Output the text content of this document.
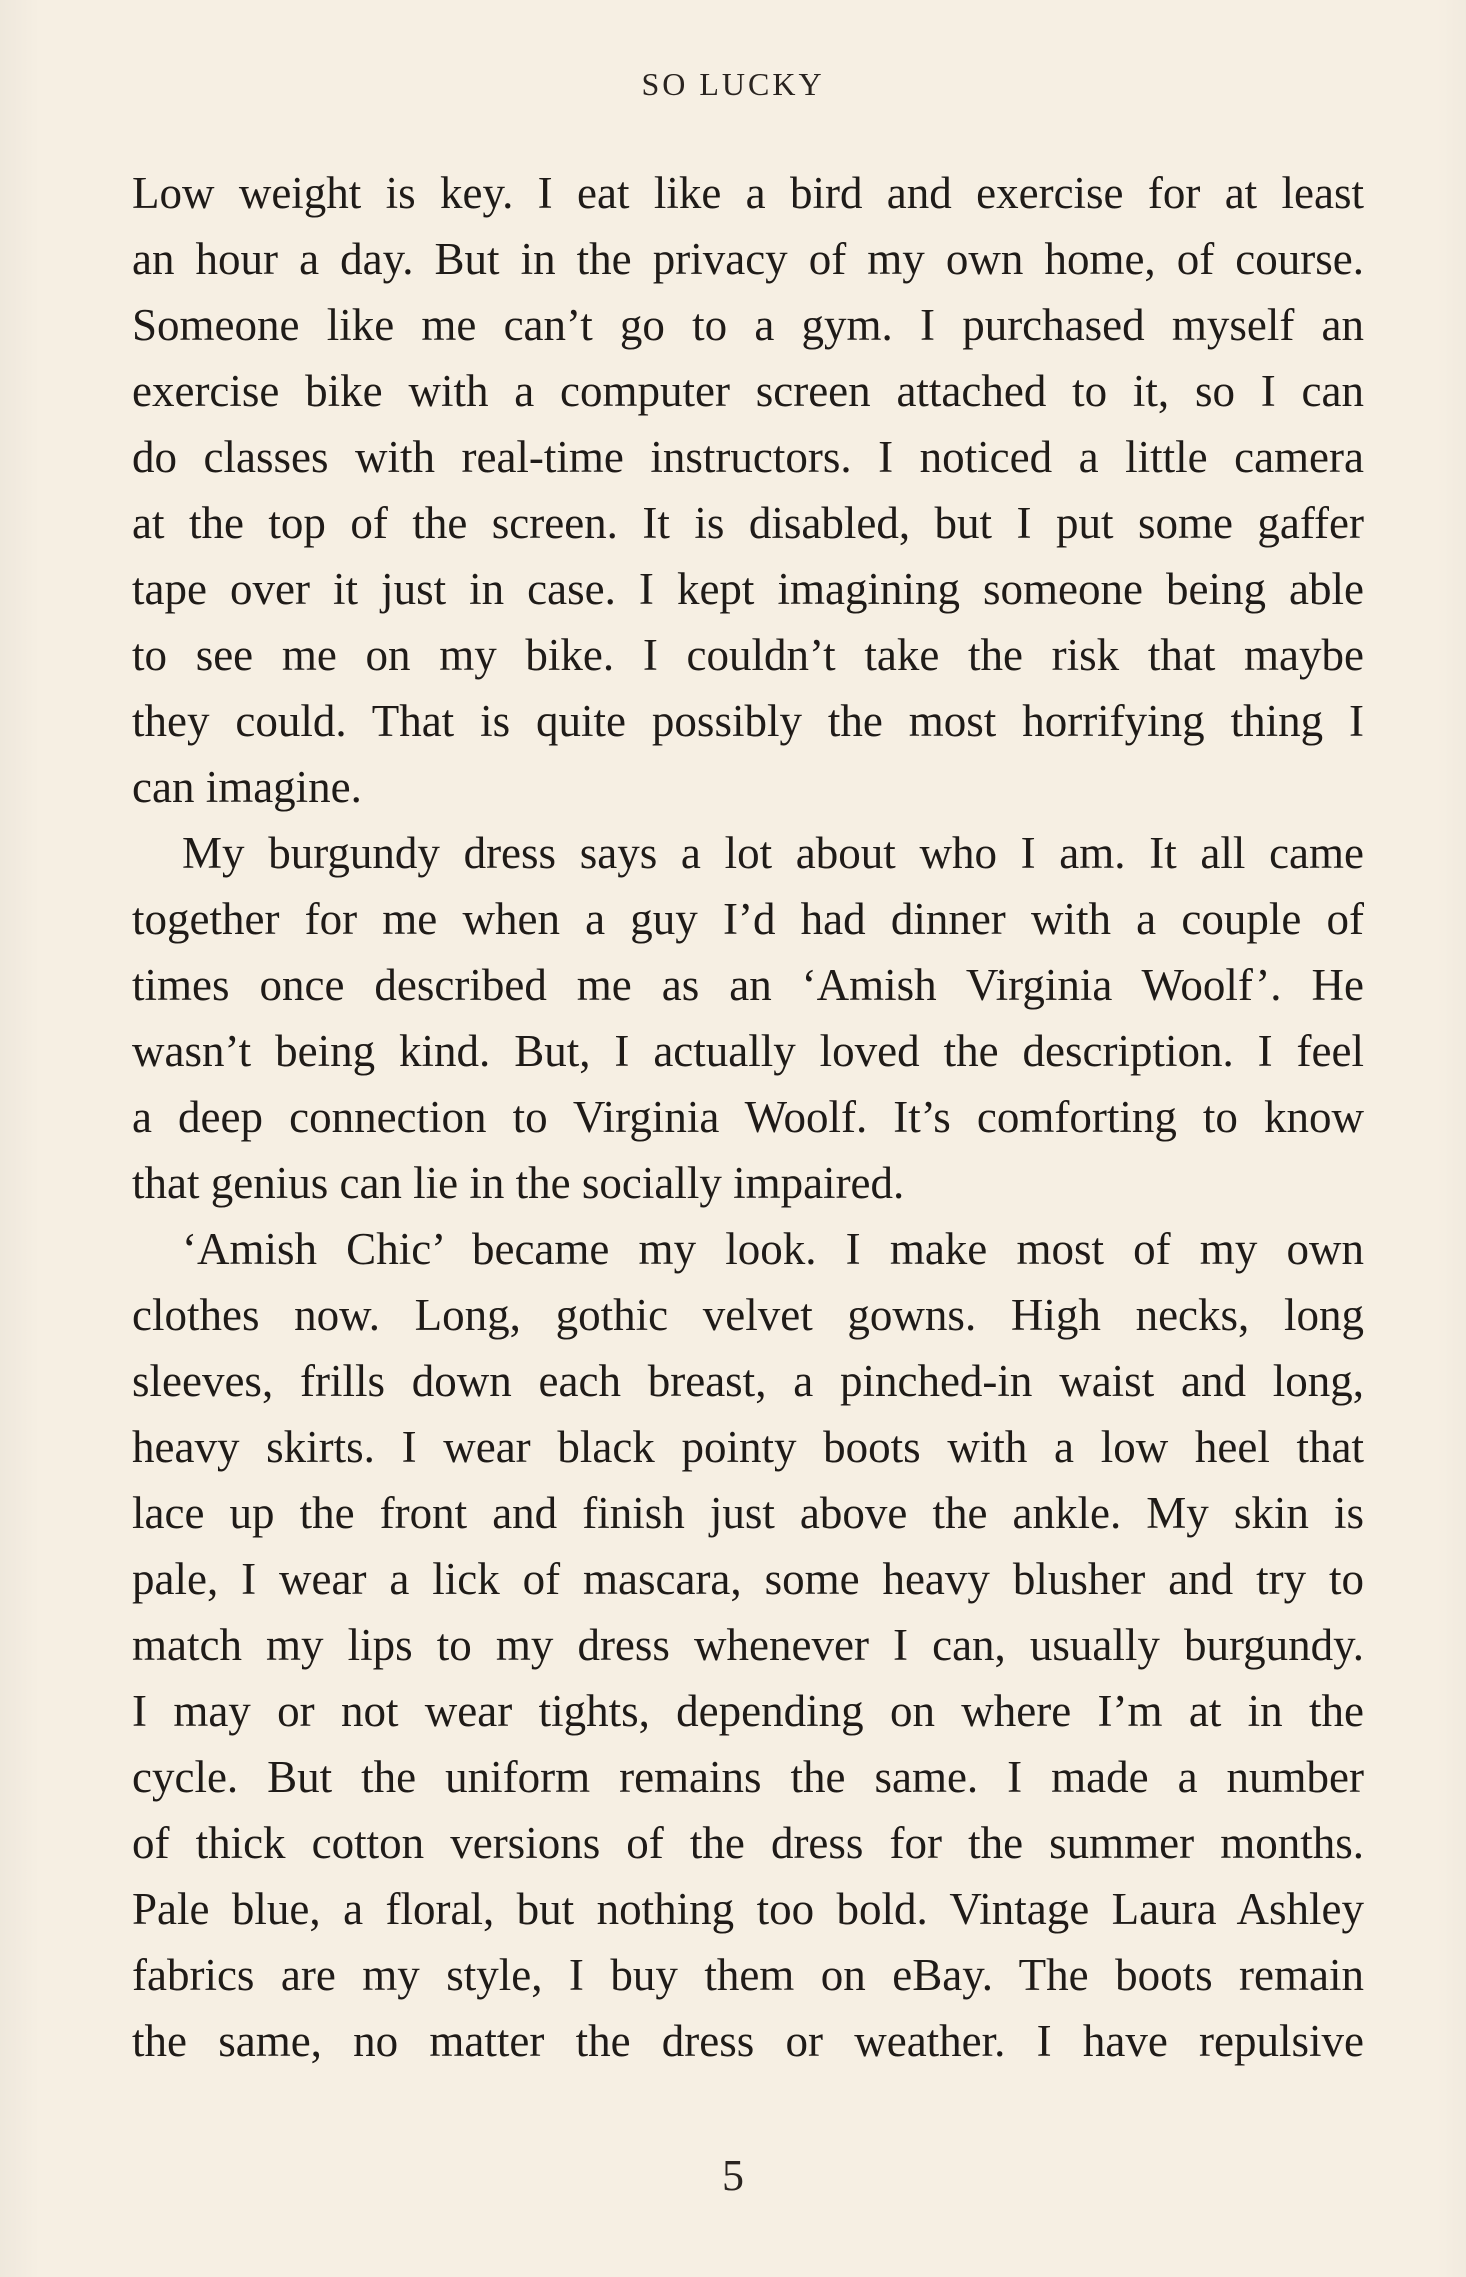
SO LUCKY
Low weight is key. I eat like a bird and exercise for at least
an hour a day. But in the privacy of my own home, of course.
Someone like me can’t go to a gym. I purchased myself an
exercise bike with a computer screen attached to it, so I can
do classes with real-time instructors. I noticed a little camera
at the top of the screen. It is disabled, but I put some gaffer
tape over it just in case. I kept imagining someone being able
to see me on my bike. I couldn’t take the risk that maybe
they could. That is quite possibly the most horrifying thing I
can imagine.
My burgundy dress says a lot about who I am. It all came
together for me when a guy I’d had dinner with a couple of
times once described me as an ‘Amish Virginia Woolf’. He
wasn’t being kind. But, I actually loved the description. I feel
a deep connection to Virginia Woolf. It’s comforting to know
that genius can lie in the socially impaired.
‘Amish Chic’ became my look. I make most of my own
clothes now. Long, gothic velvet gowns. High necks, long
sleeves, frills down each breast, a pinched-in waist and long,
heavy skirts. I wear black pointy boots with a low heel that
lace up the front and finish just above the ankle. My skin is
pale, I wear a lick of mascara, some heavy blusher and try to
match my lips to my dress whenever I can, usually burgundy.
I may or not wear tights, depending on where I’m at in the
cycle. But the uniform remains the same. I made a number
of thick cotton versions of the dress for the summer months.
Pale blue, a floral, but nothing too bold. Vintage Laura Ashley
fabrics are my style, I buy them on eBay. The boots remain
the same, no matter the dress or weather. I have repulsive
5
